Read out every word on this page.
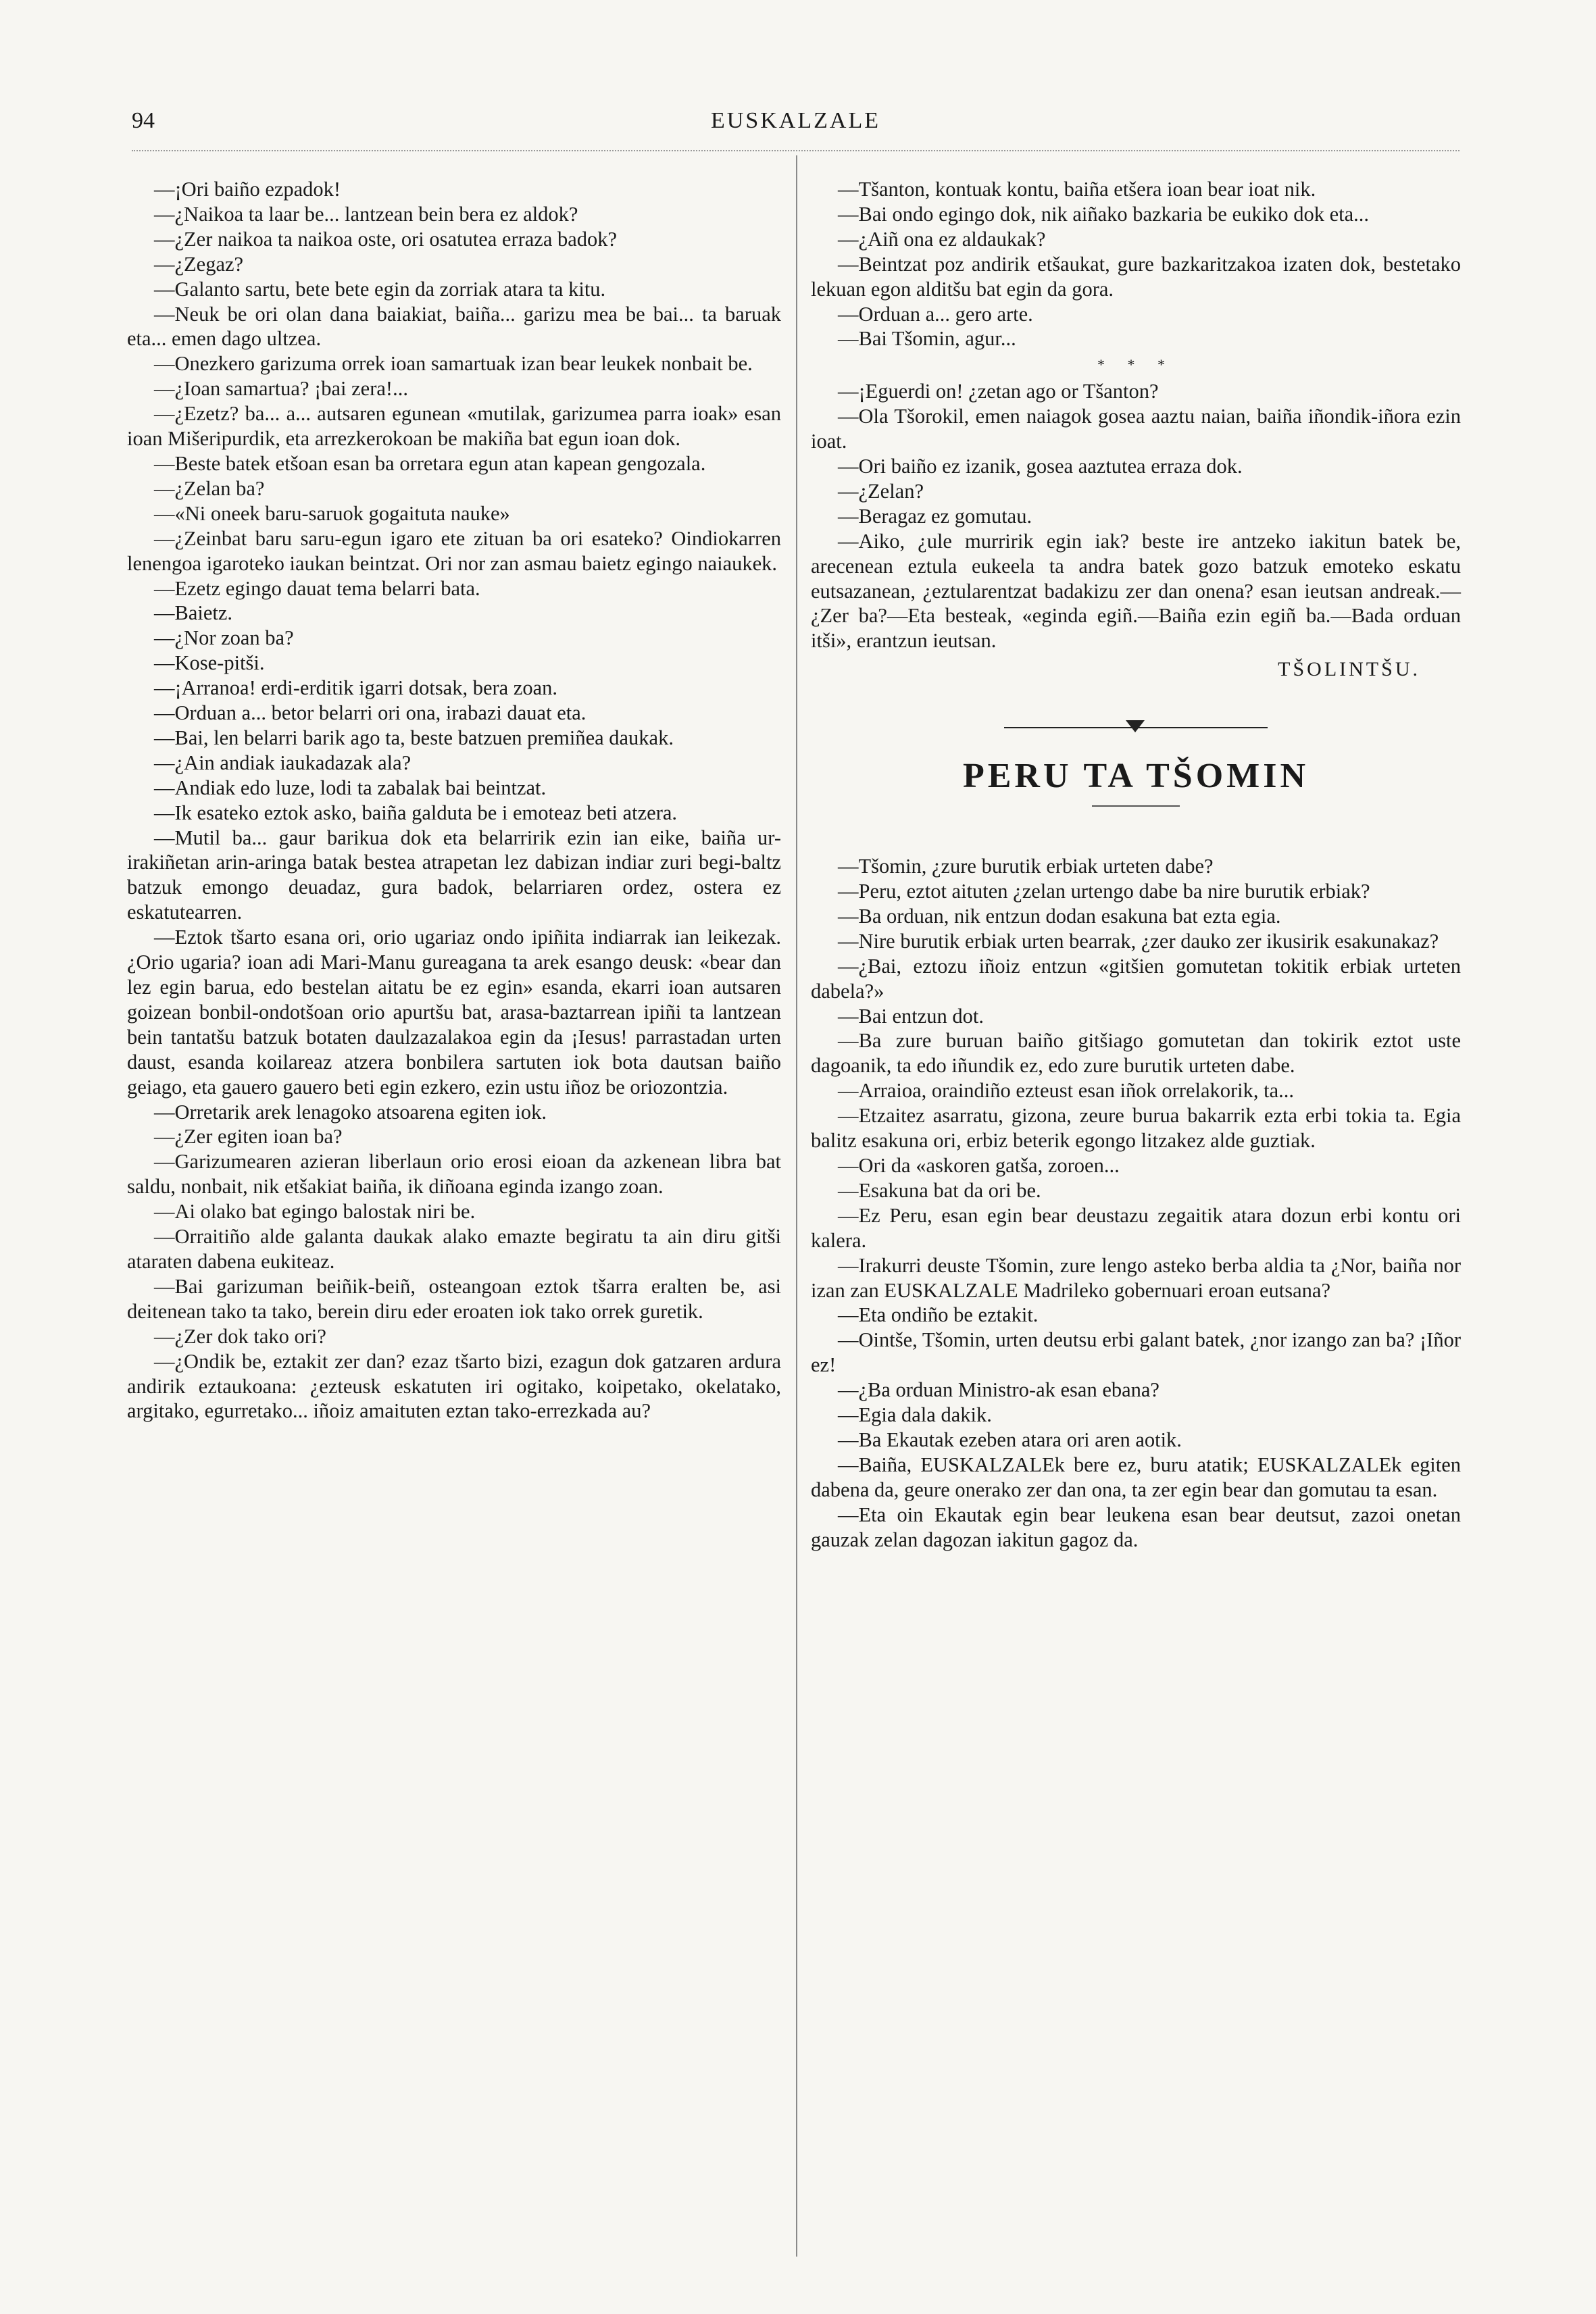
94	EUSKALZALE

—¡Ori baiño ezpadok!

—¿Naikoa ta laar be... lantzean bein bera ez aldok?

—¿Zer naikoa ta naikoa oste, ori osatutea erraza badok?

—¿Zegaz?

—Galanto sartu, bete bete egin da zorriak atara ta kitu.

—Neuk be ori olan dana baiakiat, baiña... garizu mea be bai... ta baruak eta... emen dago ultzea.

—Onezkero garizuma orrek ioan samartuak izan bear leukek nonbait be.

—¿Ioan samartua? ¡bai zera!...

—¿Ezetz? ba... a... autsaren egunean «mutilak, garizumea parra ioak» esan ioan Mišeripurdik, eta arrezkerokoan be makiña bat egun ioan dok.

—Beste batek etšoan esan ba orretara egun atan kapean gengozala.

—¿Zelan ba?

—«Ni oneek baru-saruok gogaituta nauke»

—¿Zeinbat baru saru-egun igaro ete zituan ba ori esateko? Oindiokarren lenengoa igaroteko iaukan beintzat. Ori nor zan asmau baietz egingo naiaukek.

—Ezetz egingo dauat tema belarri bata.

—Baietz.

—¿Nor zoan ba?

—Kose-pitši.

—¡Arranoa! erdi-erditik igarri dotsak, bera zoan.

—Orduan a... betor belarri ori ona, irabazi dauat eta.

—Bai, len belarri barik ago ta, beste batzuen premiñea daukak.

—¿Ain andiak iaukadazak ala?

—Andiak edo luze, lodi ta zabalak bai beintzat.

—Ik esateko eztok asko, baiña galduta be i emoteaz beti atzera.

—Mutil ba... gaur barikua dok eta belarririk ezin ian eike, baiña ur-irakiñetan arin-aringa batak bestea atrapetan lez dabizan indiar zuri begi-baltz batzuk emongo deuadaz, gura badok, belarriaren ordez, ostera ez eskatutearren.

—Eztok tšarto esana ori, orio ugariaz ondo ipiñita indiarrak ian leikezak. ¿Orio ugaria? ioan adi Mari-Manu gureagana ta arek esango deusk: «bear dan lez egin barua, edo bestelan aitatu be ez egin» esanda, ekarri ioan autsaren goizean bonbil-ondotšoan orio apurtšu bat, arasa-baztarrean ipiñi ta lantzean bein tantatšu batzuk botaten daulzazalakoa egin da ¡Iesus! parrastadan urten daust, esanda koilareaz atzera bonbilera sartuten iok bota dautsan baiño geiago, eta gauero gauero beti egin ezkero, ezin ustu iñoz be oriozontzia.

—Orretarik arek lenagoko atsoarena egiten iok.

—¿Zer egiten ioan ba?

—Garizumearen azieran liberlaun orio erosi eioan da azkenean libra bat saldu, nonbait, nik etšakiat baiña, ik diñoana eginda izango zoan.

—Ai olako bat egingo balostak niri be.

—Orraitiño alde galanta daukak alako emazte begiratu ta ain diru gitši ataraten dabena eukiteaz.

—Bai garizuman beiñik-beiñ, osteangoan eztok tšarra eralten be, asi deitenean tako ta tako, berein diru eder eroaten iok tako orrek guretik.

—¿Zer dok tako ori?

—¿Ondik be, eztakit zer dan? ezaz tšarto bizi, ezagun dok gatzaren ardura andirik eztaukoana: ¿ezteusk eskatuten iri ogitako, koipetako, okelatako, argitako, egurretako... iñoiz amaituten eztan tako-errezkada au?

—Tšanton, kontuak kontu, baiña etšera ioan bear ioat nik.

—Bai ondo egingo dok, nik aiñako bazkaria be eukiko dok eta...

—¿Aiñ ona ez aldaukak?

—Beintzat poz andirik etšaukat, gure bazkaritzakoa izaten dok, bestetako lekuan egon alditšu bat egin da gora.

—Orduan a... gero arte.

—Bai Tšomin, agur...

* * *

—¡Eguerdi on! ¿zetan ago or Tšanton?

—Ola Tšorokil, emen naiagok gosea aaztu naian, baiña iñondik-iñora ezin ioat.

—Ori baiño ez izanik, gosea aaztutea erraza dok.

—¿Zelan?

—Beragaz ez gomutau.

—Aiko, ¿ule murririk egin iak? beste ire antzeko iakitun batek be, arecenean eztula eukeela ta andra batek gozo batzuk emoteko eskatu eutsazanean, ¿eztularentzat badakizu zer dan onena? esan ieutsan andreak.—¿Zer ba?—Eta besteak, «eginda egiñ.—Baiña ezin egiñ ba.—Bada orduan itši», erantzun ieutsan.

TŠOLINTŠU.
PERU TA TŠOMIN

—Tšomin, ¿zure burutik erbiak urteten dabe?

—Peru, eztot aituten ¿zelan urtengo dabe ba nire burutik erbiak?

—Ba orduan, nik entzun dodan esakuna bat ezta egia.

—Nire burutik erbiak urten bearrak, ¿zer dauko zer ikusirik esakunakaz?

—¿Bai, eztozu iñoiz entzun «gitšien gomutetan tokitik erbiak urteten dabela?»

—Bai entzun dot.

—Ba zure buruan baiño gitšiago gomutetan dan tokirik eztot uste dagoanik, ta edo iñundik ez, edo zure burutik urteten dabe.

—Arraioa, oraindiño ezteust esan iñok orrelakorik, ta...

—Etzaitez asarratu, gizona, zeure burua bakarrik ezta erbi tokia ta. Egia balitz esakuna ori, erbiz beterik egongo litzakez alde guztiak.

—Ori da «askoren gatša, zoroen...

—Esakuna bat da ori be.

—Ez Peru, esan egin bear deustazu zegaitik atara dozun erbi kontu ori kalera.

—Irakurri deuste Tšomin, zure lengo asteko berba aldia ta ¿Nor, baiña nor izan zan EUSKALZALE Madrileko gobernuari eroan eutsana?

—Eta ondiño be eztakit.

—Ointše, Tšomin, urten deutsu erbi galant batek, ¿nor izango zan ba? ¡Iñor ez!

—¿Ba orduan Ministro-ak esan ebana?

—Egia dala dakik.

—Ba Ekautak ezeben atara ori aren aotik.

—Baiña, EUSKALZALEk bere ez, buru atatik; EUSKALZALEk egiten dabena da, geure onerako zer dan ona, ta zer egin bear dan gomutau ta esan.

—Eta oin Ekautak egin bear leukena esan bear deutsut, zazoi onetan gauzak zelan dagozan iakitun gagoz da.
